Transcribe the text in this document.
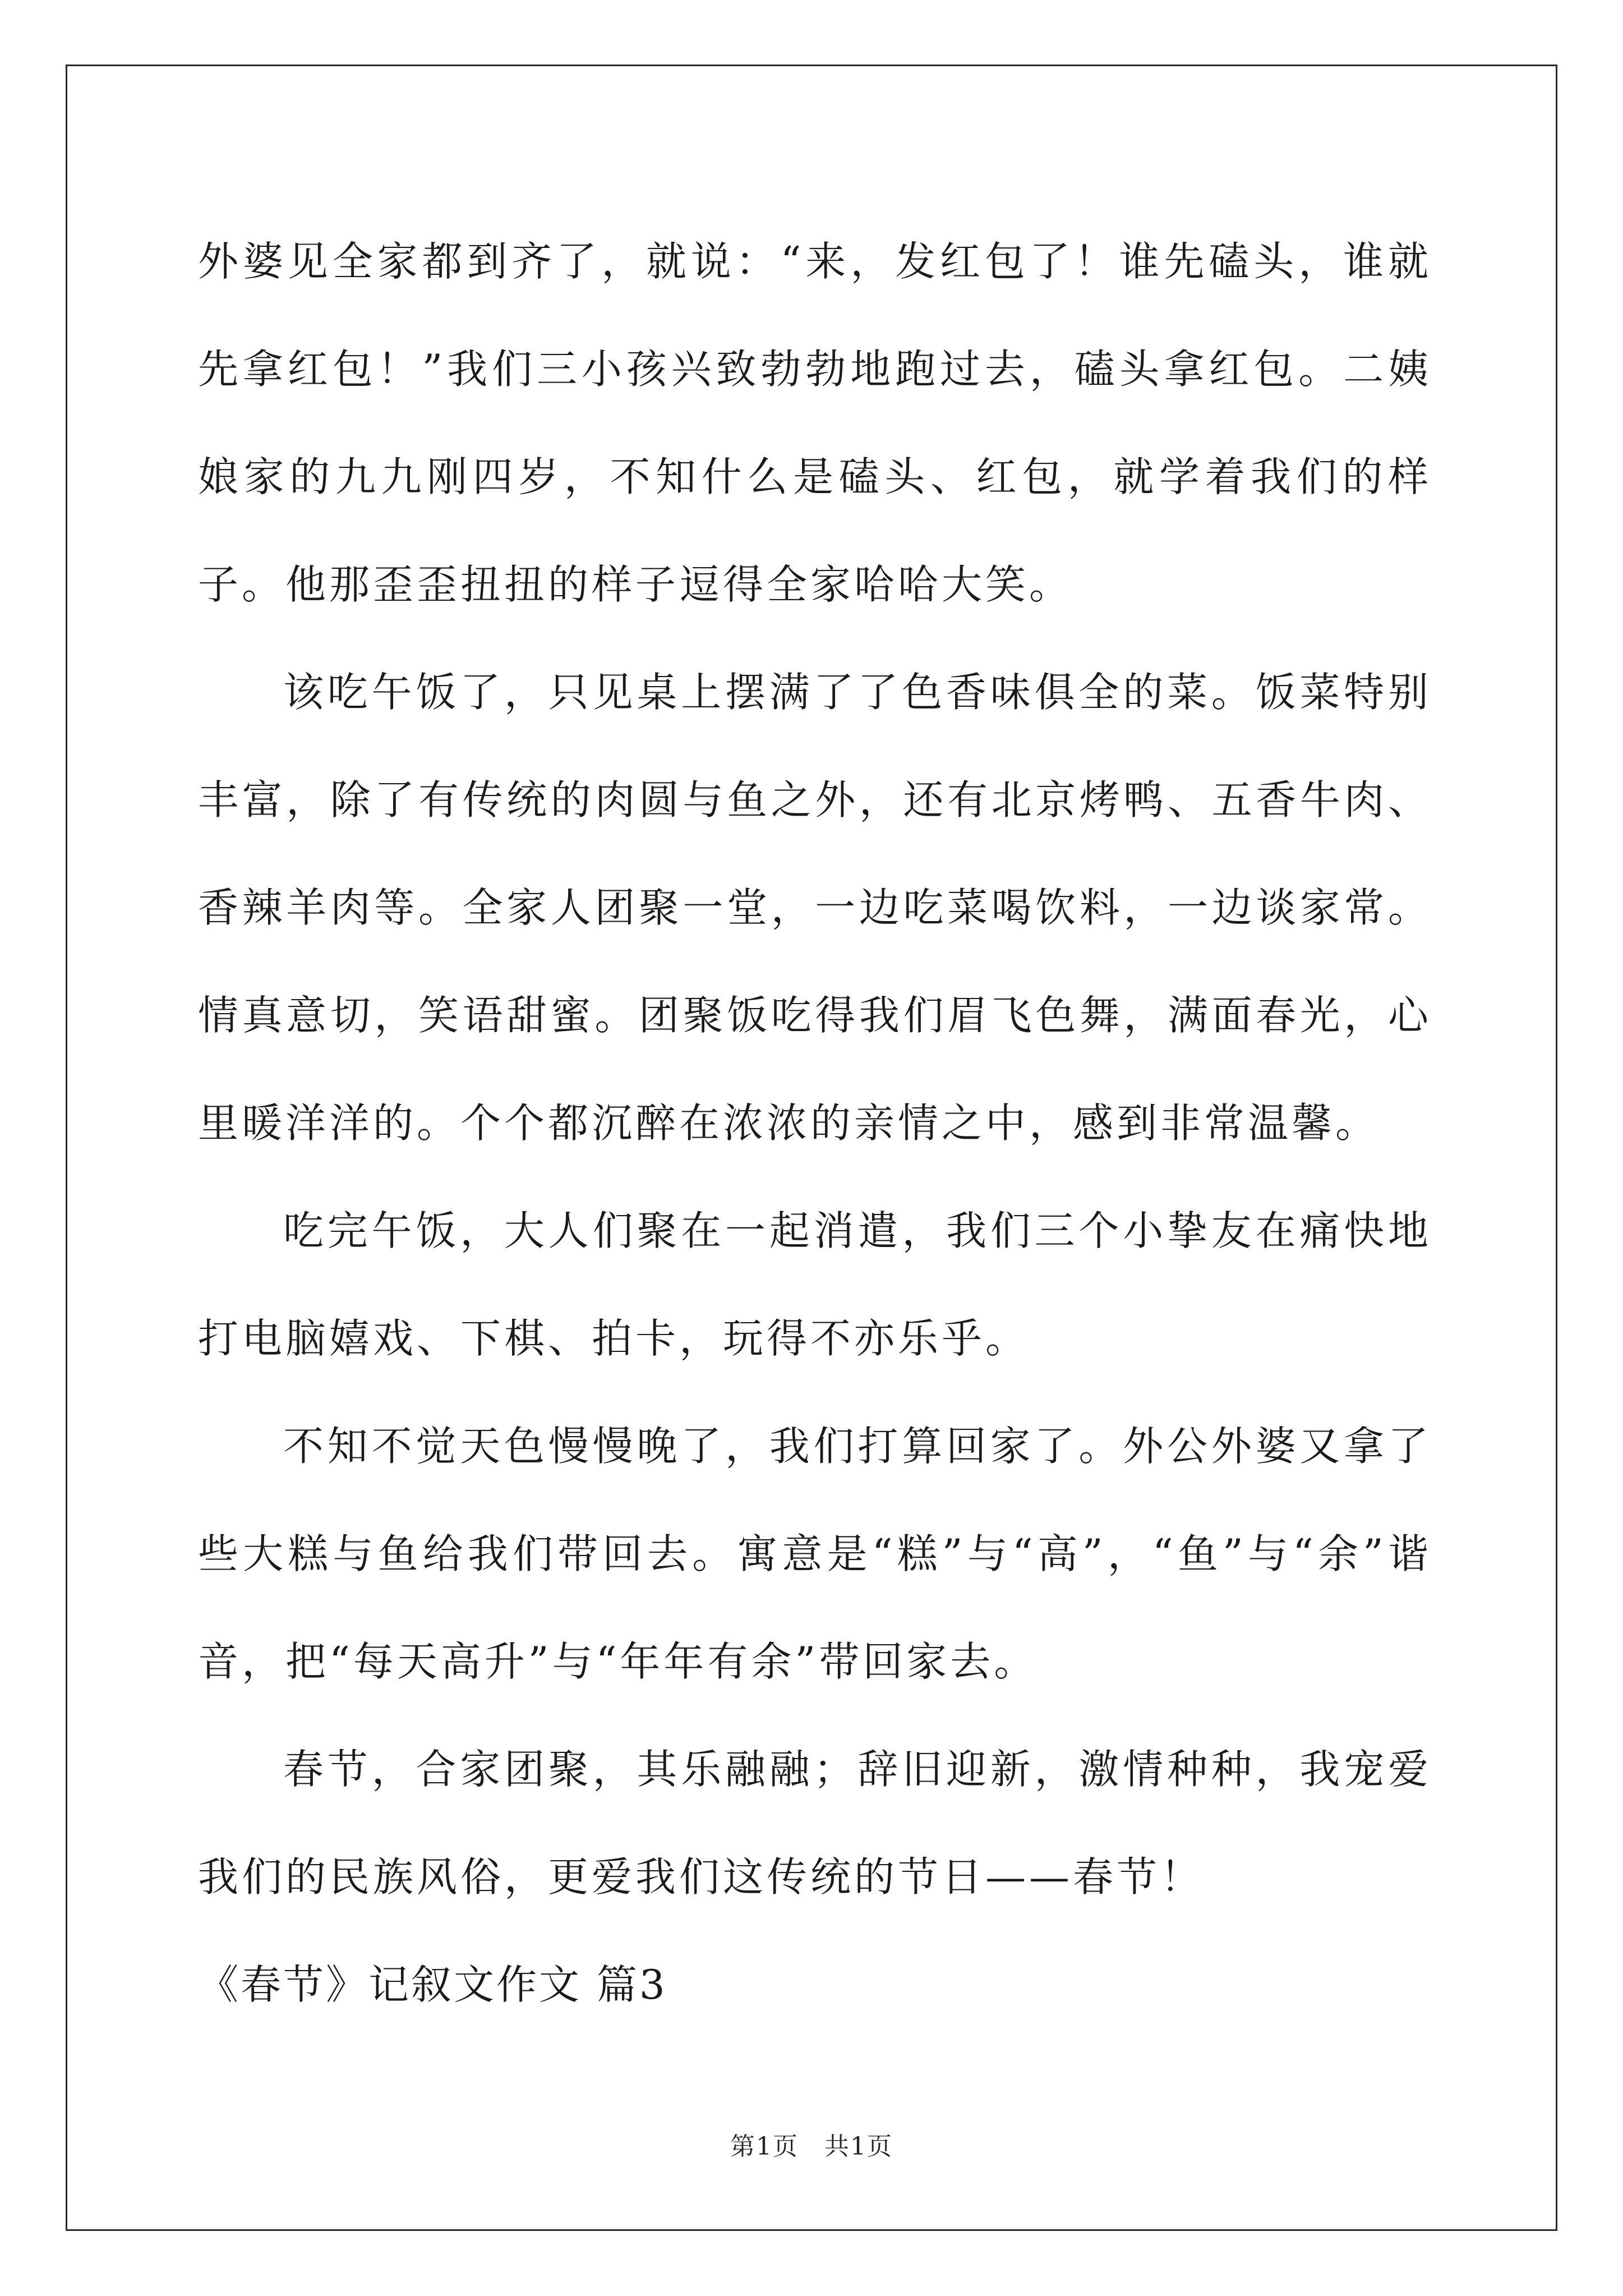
外婆见全家都到齐了，就说：“来，发红包了！谁先磕头，谁就先拿红包！”我们三小孩兴致勃勃地跑过去，磕头拿红包。二姨娘家的九九刚四岁，不知什么是磕头、红包，就学着我们的样子。他那歪歪扭扭的样子逗得全家哈哈大笑。

该吃午饭了，只见桌上摆满了了色香味俱全的菜。饭菜特别丰富，除了有传统的肉圆与鱼之外，还有北京烤鸭、五香牛肉、香辣羊肉等。全家人团聚一堂，一边吃菜喝饮料，一边谈家常。情真意切，笑语甜蜜。团聚饭吃得我们眉飞色舞，满面春光，心里暖洋洋的。个个都沉醉在浓浓的亲情之中，感到非常温馨。

吃完午饭，大人们聚在一起消遣，我们三个小挚友在痛快地打电脑嬉戏、下棋、拍卡，玩得不亦乐乎。

不知不觉天色慢慢晚了，我们打算回家了。外公外婆又拿了些大糕与鱼给我们带回去。寓意是“糕”与“高”，“鱼”与“余”谐音，把“每天高升”与“年年有余”带回家去。

春节，合家团聚，其乐融融；辞旧迎新，激情种种，我宠爱我们的民族风俗，更爱我们这传统的节日——春节！

《春节》记叙文作文 篇3

第1页　共1页
